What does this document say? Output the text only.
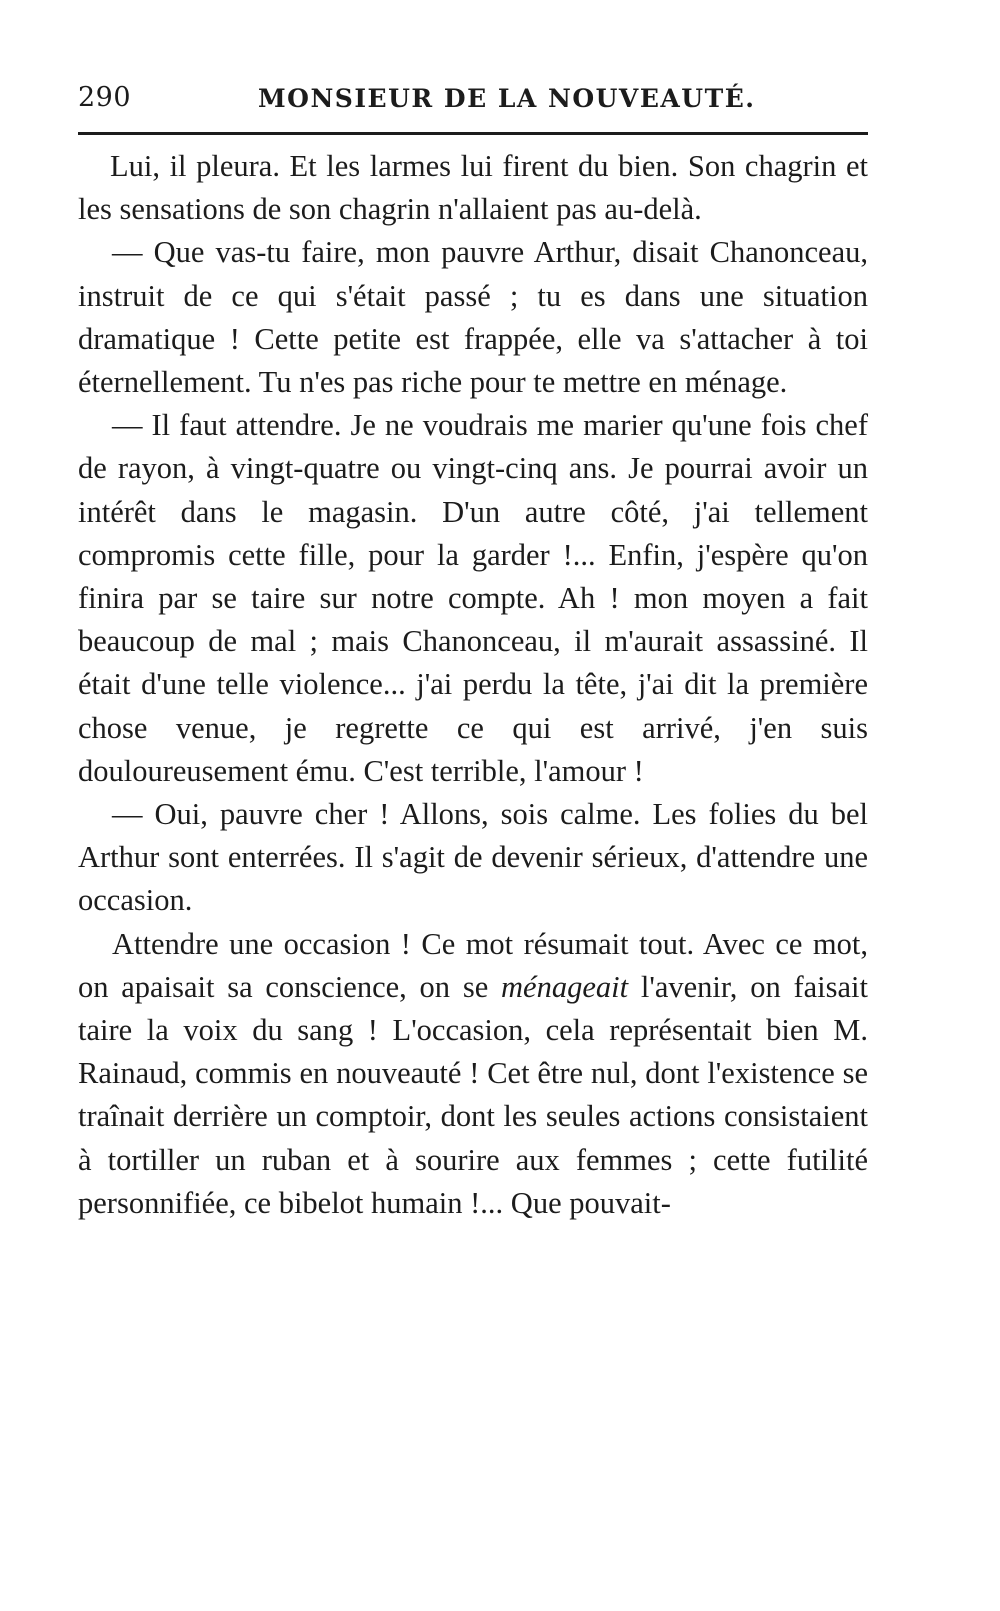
290	MONSIEUR DE LA NOUVEAUTÉ.

Lui, il pleura. Et les larmes lui firent du bien. Son chagrin et les sensations de son chagrin n'allaient pas au-delà.

— Que vas-tu faire, mon pauvre Arthur, disait Chanonceau, instruit de ce qui s'était passé ; tu es dans une situation dramatique ! Cette petite est frappée, elle va s'attacher à toi éternellement. Tu n'es pas riche pour te mettre en ménage.

— Il faut attendre. Je ne voudrais me marier qu'une fois chef de rayon, à vingt-quatre ou vingt-cinq ans. Je pourrai avoir un intérêt dans le magasin. D'un autre côté, j'ai tellement compromis cette fille, pour la garder !... Enfin, j'espère qu'on finira par se taire sur notre compte. Ah ! mon moyen a fait beaucoup de mal ; mais Chanonceau, il m'aurait assassiné. Il était d'une telle violence... j'ai perdu la tête, j'ai dit la première chose venue, je regrette ce qui est arrivé, j'en suis douloureusement ému. C'est terrible, l'amour !

— Oui, pauvre cher ! Allons, sois calme. Les folies du bel Arthur sont enterrées. Il s'agit de devenir sérieux, d'attendre une occasion.

Attendre une occasion ! Ce mot résumait tout. Avec ce mot, on apaisait sa conscience, on se ménageait l'avenir, on faisait taire la voix du sang ! L'occasion, cela représentait bien M. Rainaud, commis en nouveauté ! Cet être nul, dont l'existence se traînait derrière un comptoir, dont les seules actions consistaient à tortiller un ruban et à sourire aux femmes ; cette futilité personnifiée, ce bibelot humain !... Que pouvait-
